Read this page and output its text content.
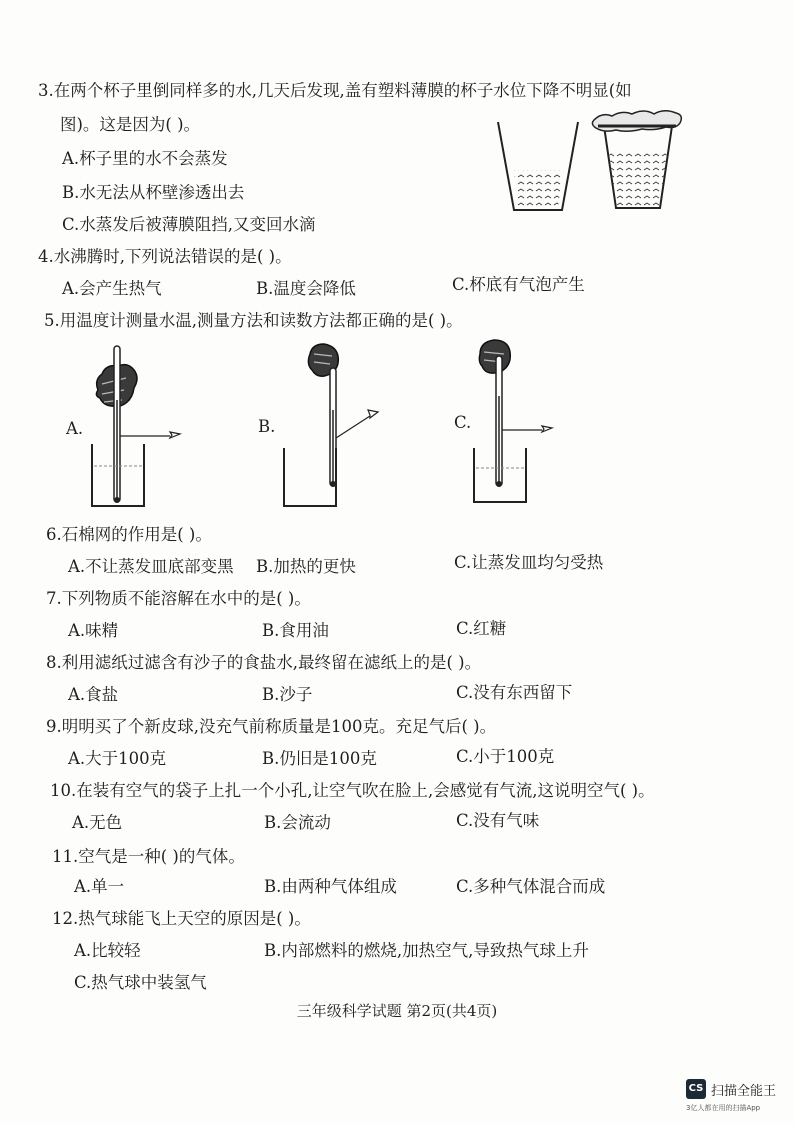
3.在两个杯子里倒同样多的水,几天后发现,盖有塑料薄膜的杯子水位下降不明显(如
图)。这是因为( )。
A.杯子里的水不会蒸发
B.水无法从杯壁渗透出去
C.水蒸发后被薄膜阻挡,又变回水滴
4.水沸腾时,下列说法错误的是( )。
A.会产生热气	B.温度会降低	C.杯底有气泡产生
5.用温度计测量水温,测量方法和读数方法都正确的是( )。
A.	B.	C.
6.石棉网的作用是( )。
A.不让蒸发皿底部变黑 B.加热的更快	C.让蒸发皿均匀受热
7.下列物质不能溶解在水中的是( )。
A.味精	B.食用油	C.红糖
8.利用滤纸过滤含有沙子的食盐水,最终留在滤纸上的是( )。
A.食盐	B.沙子	C.没有东西留下
9.明明买了个新皮球,没充气前称质量是100克。充足气后( )。
A.大于100克	B.仍旧是100克	C.小于100克
10.在装有空气的袋子上扎一个小孔,让空气吹在脸上,会感觉有气流,这说明空气( )。
A.无色	B.会流动	C.没有气味
11.空气是一种( )的气体。
A.单一	B.由两种气体组成	C.多种气体混合而成
12.热气球能飞上天空的原因是( )。
A.比较轻	B.内部燃料的燃烧,加热空气,导致热气球上升
C.热气球中装氢气
三年级科学试题 第2页(共4页)
CS 扫描全能王
3亿人都在用的扫描App
